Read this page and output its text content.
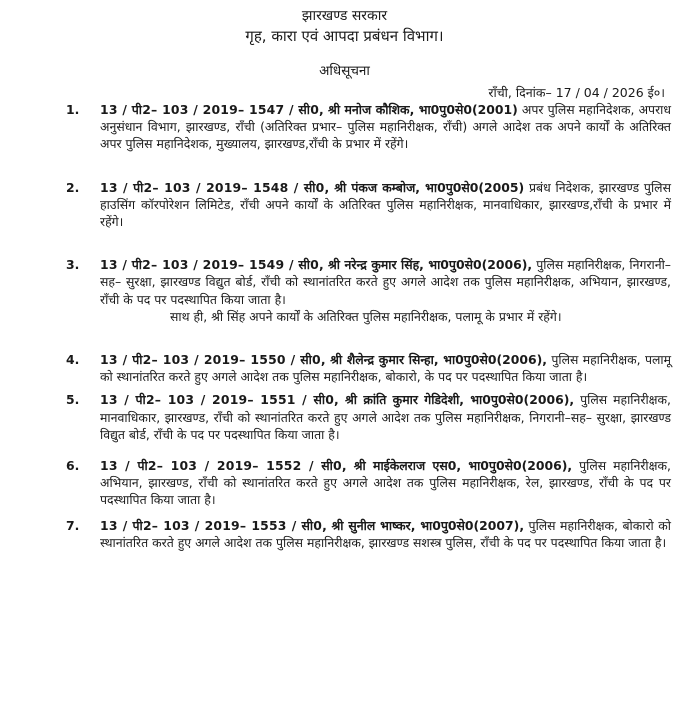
झारखण्ड सरकार
गृह, कारा एवं आपदा प्रबंधन विभाग।
अधिसूचना
राँची, दिनांक– 17 / 04 / 2026 ई०।
1. 13 / पी2– 103 / 2019– 1547 / सी0, श्री मनोज कौशिक, भा0पु0से0(2001) अपर पुलिस महानिदेशक, अपराध अनुसंधान विभाग, झारखण्ड, राँची (अतिरिक्त प्रभार– पुलिस महानिरीक्षक, राँची) अगले आदेश तक अपने कार्यों के अतिरिक्त अपर पुलिस महानिदेशक, मुख्यालय, झारखण्ड,राँची के प्रभार में रहेंगे।
2. 13 / पी2– 103 / 2019– 1548 / सी0, श्री पंकज कम्बोज, भा0पु0से0(2005) प्रबंध निदेशक, झारखण्ड पुलिस हाउसिंग कॉरपोरेशन लिमिटेड, राँची अपने कार्यों के अतिरिक्त पुलिस महानिरीक्षक, मानवाधिकार, झारखण्ड,राँची के प्रभार में रहेंगे।
3. 13 / पी2– 103 / 2019– 1549 / सी0, श्री नरेन्द्र कुमार सिंह, भा0पु0से0(2006), पुलिस महानिरीक्षक, निगरानी–सह– सुरक्षा, झारखण्ड विद्युत बोर्ड, राँची को स्थानांतरित करते हुए अगले आदेश तक पुलिस महानिरीक्षक, अभियान, झारखण्ड, राँची के पद पर पदस्थापित किया जाता है।
साथ ही, श्री सिंह अपने कार्यों के अतिरिक्त पुलिस महानिरीक्षक, पलामू के प्रभार में रहेंगे।
4. 13 / पी2– 103 / 2019– 1550 / सी0, श्री शैलेन्द्र कुमार सिन्हा, भा0पु0से0(2006), पुलिस महानिरीक्षक, पलामू को स्थानांतरित करते हुए अगले आदेश तक पुलिस महानिरीक्षक, बोकारो, के पद पर पदस्थापित किया जाता है।
5. 13 / पी2– 103 / 2019– 1551 / सी0, श्री क्रांति कुमार गेडिदेशी, भा0पु0से0(2006), पुलिस महानिरीक्षक, मानवाधिकार, झारखण्ड, राँची को स्थानांतरित करते हुए अगले आदेश तक पुलिस महानिरीक्षक, निगरानी–सह– सुरक्षा, झारखण्ड विद्युत बोर्ड, राँची के पद पर पदस्थापित किया जाता है।
6. 13 / पी2– 103 / 2019– 1552 / सी0, श्री माईकेलराज एस0, भा0पु0से0(2006), पुलिस महानिरीक्षक, अभियान, झारखण्ड, राँची को स्थानांतरित करते हुए अगले आदेश तक पुलिस महानिरीक्षक, रेल, झारखण्ड, राँची के पद पर पदस्थापित किया जाता है।
7. 13 / पी2– 103 / 2019– 1553 / सी0, श्री सुनील भाष्कर, भा0पु0से0(2007), पुलिस महानिरीक्षक, बोकारो को स्थानांतरित करते हुए अगले आदेश तक पुलिस महानिरीक्षक, झारखण्ड सशस्त्र पुलिस, राँची के पद पर पदस्थापित किया जाता है।
